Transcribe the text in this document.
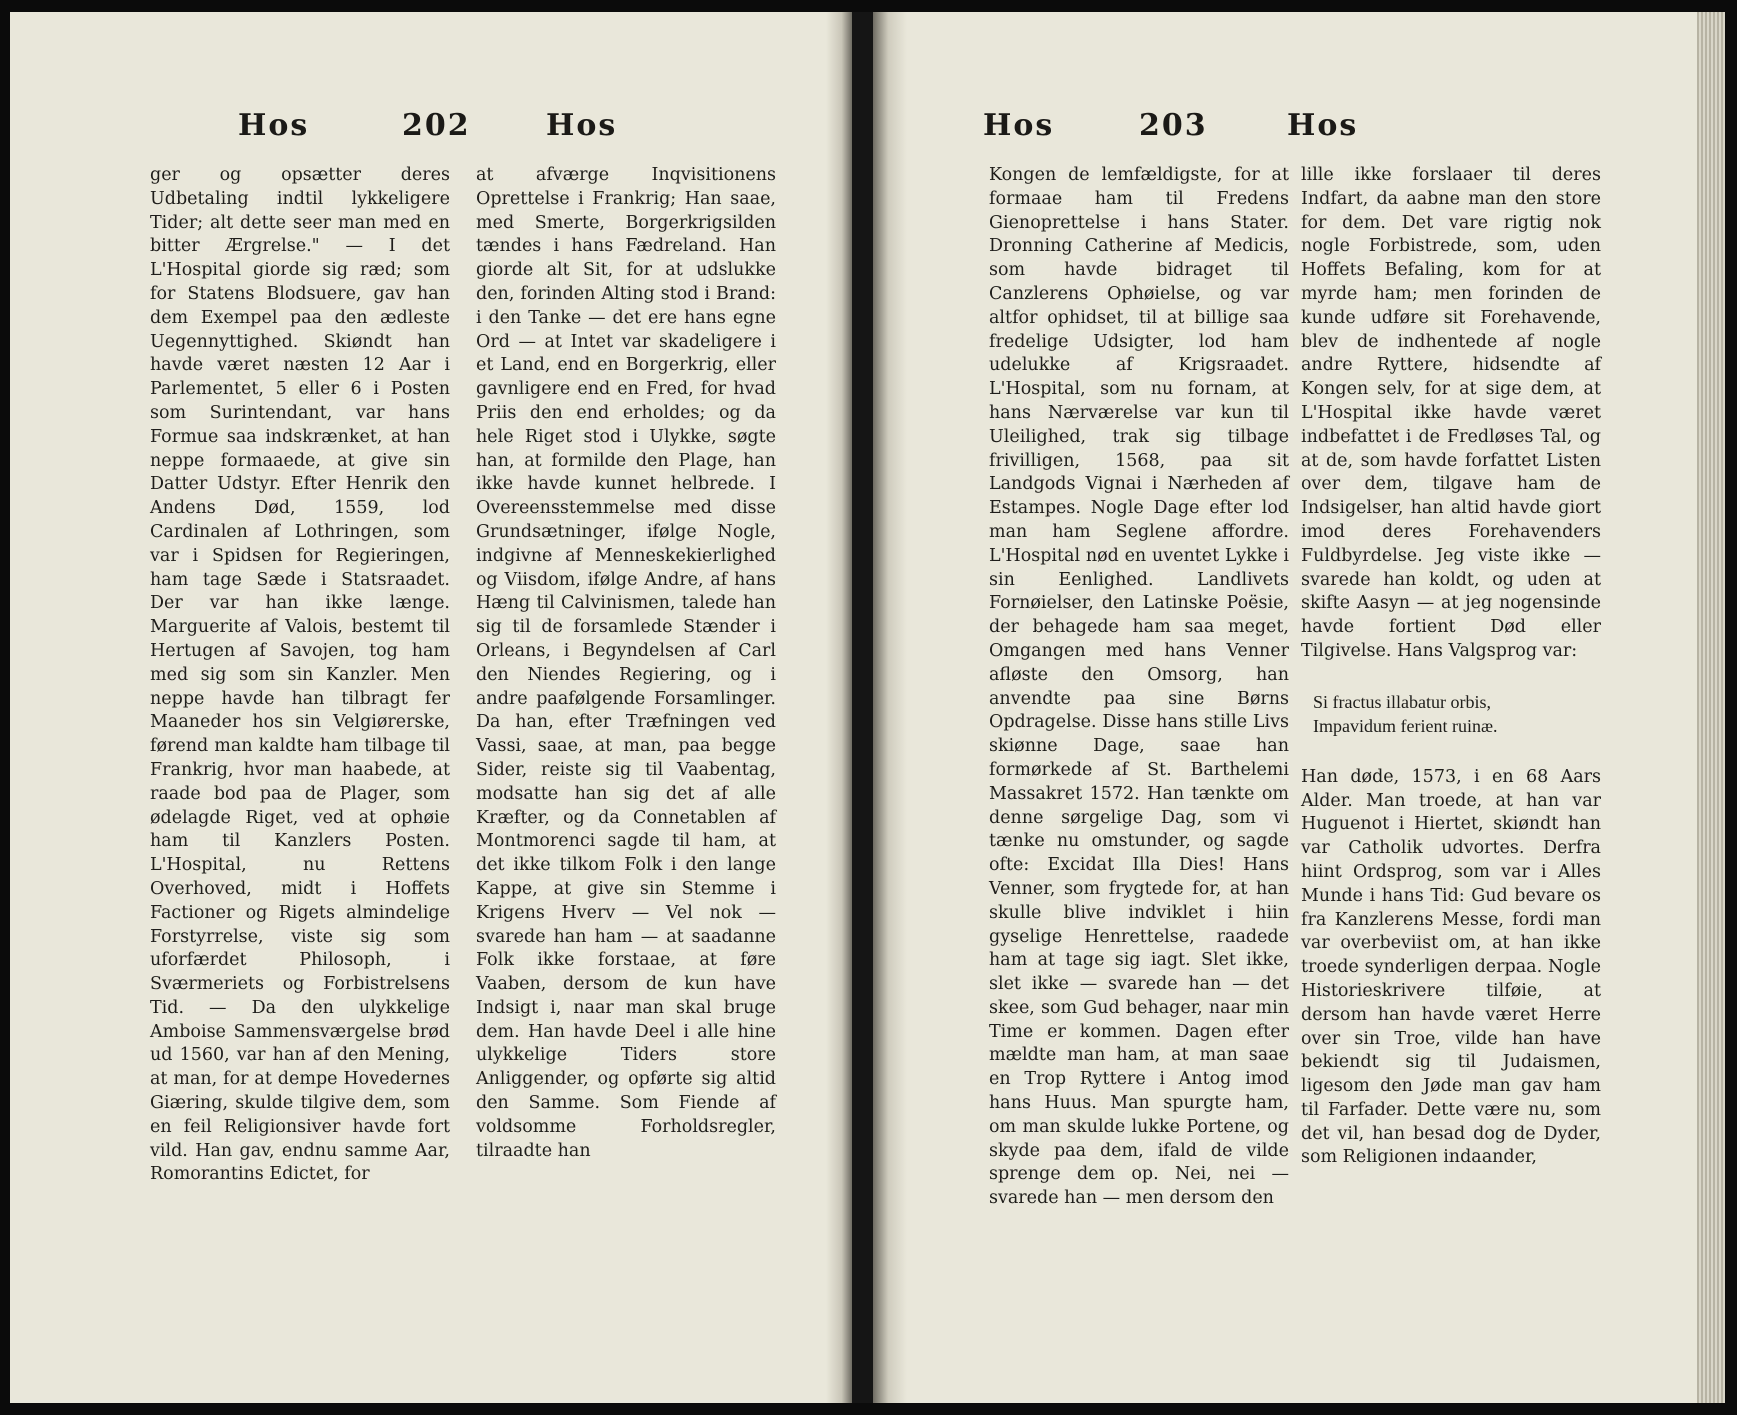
Hos	202	Hos

ger og opsætter deres Udbetaling indtil lykkeligere Tider; alt dette seer man med en bitter Ærgrelse." — I det L'Hospital giorde sig ræd; som for Statens Blodsuere, gav han dem Exempel paa den ædleste Uegennyttighed. Skiøndt han havde været næsten 12 Aar i Parlementet, 5 eller 6 i Posten som Surintendant, var hans Formue saa indskrænket, at han neppe formaaede, at give sin Datter Udstyr. Efter Henrik den Andens Død, 1559, lod Cardinalen af Lothringen, som var i Spidsen for Regieringen, ham tage Sæde i Statsraadet. Der var han ikke længe. Marguerite af Valois, bestemt til Hertugen af Savojen, tog ham med sig som sin Kanzler. Men neppe havde han tilbragt fer Maaneder hos sin Velgiørerske, førend man kaldte ham tilbage til Frankrig, hvor man haabede, at raade bod paa de Plager, som ødelagde Riget, ved at ophøie ham til Kanzlers Posten. L'Hospital, nu Rettens Overhoved, midt i Hoffets Factioner og Rigets almindelige Forstyrrelse, viste sig som uforfærdet Philosoph, i Sværmeriets og Forbistrelsens Tid. — Da den ulykkelige Amboise Sammensværgelse brød ud 1560, var han af den Mening, at man, for at dempe Hovedernes Giæring, skulde tilgive dem, som en feil Religionsiver havde fort vild. Han gav, endnu samme Aar, Romorantins Edictet, for

at afværge Inqvisitionens Oprettelse i Frankrig; Han saae, med Smerte, Borgerkrigsilden tændes i hans Fædreland. Han giorde alt Sit, for at udslukke den, forinden Alting stod i Brand: i den Tanke — det ere hans egne Ord — at Intet var skadeligere i et Land, end en Borgerkrig, eller gavnligere end en Fred, for hvad Priis den end erholdes; og da hele Riget stod i Ulykke, søgte han, at formilde den Plage, han ikke havde kunnet helbrede. I Overeensstemmelse med disse Grundsætninger, ifølge Nogle, indgivne af Menneskekierlighed og Viisdom, ifølge Andre, af hans Hæng til Calvinismen, talede han sig til de forsamlede Stænder i Orleans, i Begyndelsen af Carl den Niendes Regiering, og i andre paafølgende Forsamlinger. Da han, efter Træfningen ved Vassi, saae, at man, paa begge Sider, reiste sig til Vaabentag, modsatte han sig det af alle Kræfter, og da Connetablen af Montmorenci sagde til ham, at det ikke tilkom Folk i den lange Kappe, at give sin Stemme i Krigens Hverv — Vel nok — svarede han ham — at saadanne Folk ikke forstaae, at føre Vaaben, dersom de kun have Indsigt i, naar man skal bruge dem. Han havde Deel i alle hine ulykkelige Tiders store Anliggender, og opførte sig altid den Samme. Som Fiende af voldsomme Forholdsregler, tilraadte han

Hos	203	Hos

Kongen de lemfældigste, for at formaae ham til Fredens Gienoprettelse i hans Stater. Dronning Catherine af Medicis, som havde bidraget til Canzlerens Ophøielse, og var altfor ophidset, til at billige saa fredelige Udsigter, lod ham udelukke af Krigsraadet. L'Hospital, som nu fornam, at hans Nærværelse var kun til Uleilighed, trak sig tilbage frivilligen, 1568, paa sit Landgods Vignai i Nærheden af Estampes. Nogle Dage efter lod man ham Seglene affordre. L'Hospital nød en uventet Lykke i sin Eenlighed. Landlivets Fornøielser, den Latinske Poësie, der behagede ham saa meget, Omgangen med hans Venner afløste den Omsorg, han anvendte paa sine Børns Opdragelse. Disse hans stille Livs skiønne Dage, saae han formørkede af St. Barthelemi Massakret 1572. Han tænkte om denne sørgelige Dag, som vi tænke nu omstunder, og sagde ofte: Excidat Illa Dies! Hans Venner, som frygtede for, at han skulle blive indviklet i hiin gyselige Henrettelse, raadede ham at tage sig iagt. Slet ikke, slet ikke — svarede han — det skee, som Gud behager, naar min Time er kommen. Dagen efter mældte man ham, at man saae en Trop Ryttere i Antog imod hans Huus. Man spurgte ham, om man skulde lukke Portene, og skyde paa dem, ifald de vilde sprenge dem op. Nei, nei — svarede han — men dersom den

lille ikke forslaaer til deres Indfart, da aabne man den store for dem. Det vare rigtig nok nogle Forbistrede, som, uden Hoffets Befaling, kom for at myrde ham; men forinden de kunde udføre sit Forehavende, blev de indhentede af nogle andre Ryttere, hidsendte af Kongen selv, for at sige dem, at L'Hospital ikke havde været indbefattet i de Fredløses Tal, og at de, som havde forfattet Listen over dem, tilgave ham de Indsigelser, han altid havde giort imod deres Forehavenders Fuldbyrdelse. Jeg viste ikke — svarede han koldt, og uden at skifte Aasyn — at jeg nogensinde havde fortient Død eller Tilgivelse. Hans Valgsprog var:

Si fractus illabatur orbis,
Impavidum ferient ruinæ.

Han døde, 1573, i en 68 Aars Alder. Man troede, at han var Huguenot i Hiertet, skiøndt han var Catholik udvortes. Derfra hiint Ordsprog, som var i Alles Munde i hans Tid: Gud bevare os fra Kanzlerens Messe, fordi man var overbeviist om, at han ikke troede synderligen derpaa. Nogle Historieskrivere tilføie, at dersom han havde været Herre over sin Troe, vilde han have bekiendt sig til Judaismen, ligesom den Jøde man gav ham til Farfader. Dette være nu, som det vil, han besad dog de Dyder, som Religionen indaander,
